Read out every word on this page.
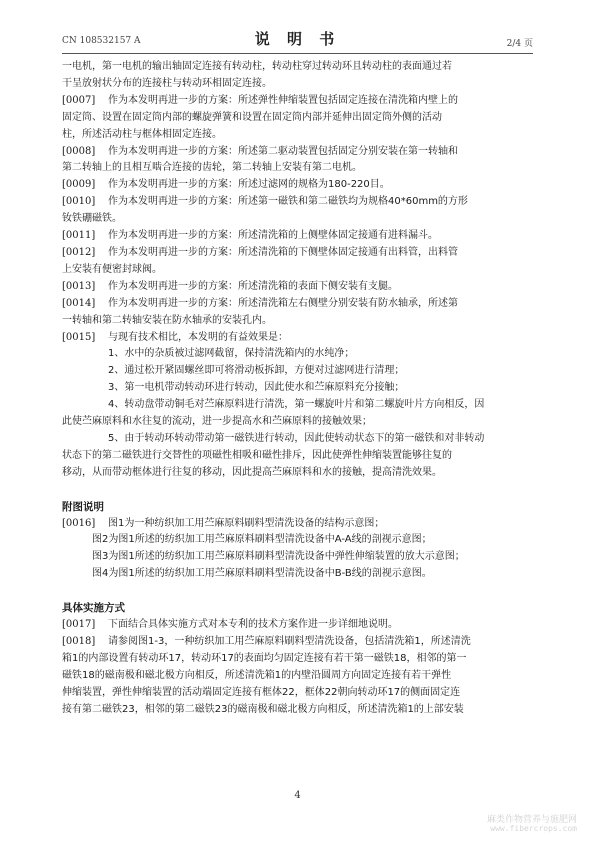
CN 108532157 A	说 明 书	2/4 页

一电机，第一电机的输出轴固定连接有转动柱，转动柱穿过转动环且转动柱的表面通过若
干呈放射状分布的连接柱与转动环相固定连接。

[0007] 作为本发明再进一步的方案：所述弹性伸缩装置包括固定连接在清洗箱内壁上的
固定筒、设置在固定筒内部的螺旋弹簧和设置在固定筒内部并延伸出固定筒外侧的活动
柱，所述活动柱与框体相固定连接。

[0008] 作为本发明再进一步的方案：所述第二驱动装置包括固定分别安装在第一转轴和
第二转轴上的且相互啮合连接的齿轮，第二转轴上安装有第二电机。

[0009] 作为本发明再进一步的方案：所述过滤网的规格为180-220目。

[0010] 作为本发明再进一步的方案：所述第一磁铁和第二磁铁均为规格40*60mm的方形
钕铁硼磁铁。

[0011] 作为本发明再进一步的方案：所述清洗箱的上侧壁体固定接通有进料漏斗。

[0012] 作为本发明再进一步的方案：所述清洗箱的下侧壁体固定接通有出料管，出料管
上安装有便密封球阀。

[0013] 作为本发明再进一步的方案：所述清洗箱的表面下侧安装有支腿。

[0014] 作为本发明再进一步的方案：所述清洗箱左右侧壁分别安装有防水轴承，所述第
一转轴和第二转轴安装在防水轴承的安装孔内。

[0015] 与现有技术相比，本发明的有益效果是：

1、水中的杂质被过滤网截留，保持清洗箱内的水纯净；

2、通过松开紧固螺丝即可将滑动板拆卸，方便对过滤网进行清理；

3、第一电机带动转动环进行转动，因此使水和苎麻原料充分接触；

4、转动盘带动铜毛对苎麻原料进行清洗，第一螺旋叶片和第二螺旋叶片方向相反，因
此使苎麻原料和水往复的流动，进一步提高水和苎麻原料的接触效果；

5、由于转动环转动带动第一磁铁进行转动，因此使转动状态下的第一磁铁和对非转动
状态下的第二磁铁进行交替性的项磁性相吸和磁性排斥，因此使弹性伸缩装置能够往复的
移动，从而带动框体进行往复的移动，因此提高苎麻原料和水的接触，提高清洗效果。

附图说明

[0016] 图1为一种纺织加工用苎麻原料刷料型清洗设备的结构示意图；

图2为图1所述的纺织加工用苎麻原料刷料型清洗设备中A-A线的剖视示意图；

图3为图1所述的纺织加工用苎麻原料刷料型清洗设备中弹性伸缩装置的放大示意图；

图4为图1所述的纺织加工用苎麻原料刷料型清洗设备中B-B线的剖视示意图。

具体实施方式

[0017] 下面结合具体实施方式对本专利的技术方案作进一步详细地说明。

[0018] 请参阅图1-3，一种纺织加工用苎麻原料刷料型清洗设备，包括清洗箱1，所述清洗
箱1的内部设置有转动环17，转动环17的表面均匀固定连接有若干第一磁铁18，相邻的第一
磁铁18的磁南极和磁北极方向相反，所述清洗箱1的内壁沿圆周方向固定连接有若干弹性
伸缩装置，弹性伸缩装置的活动端固定连接有框体22，框体22朝向转动环17的侧面固定连
接有第二磁铁23，相邻的第二磁铁23的磁南极和磁北极方向相反，所述清洗箱1的上部安装

4
麻类作物营养与施肥网
www.fibercrops.com
